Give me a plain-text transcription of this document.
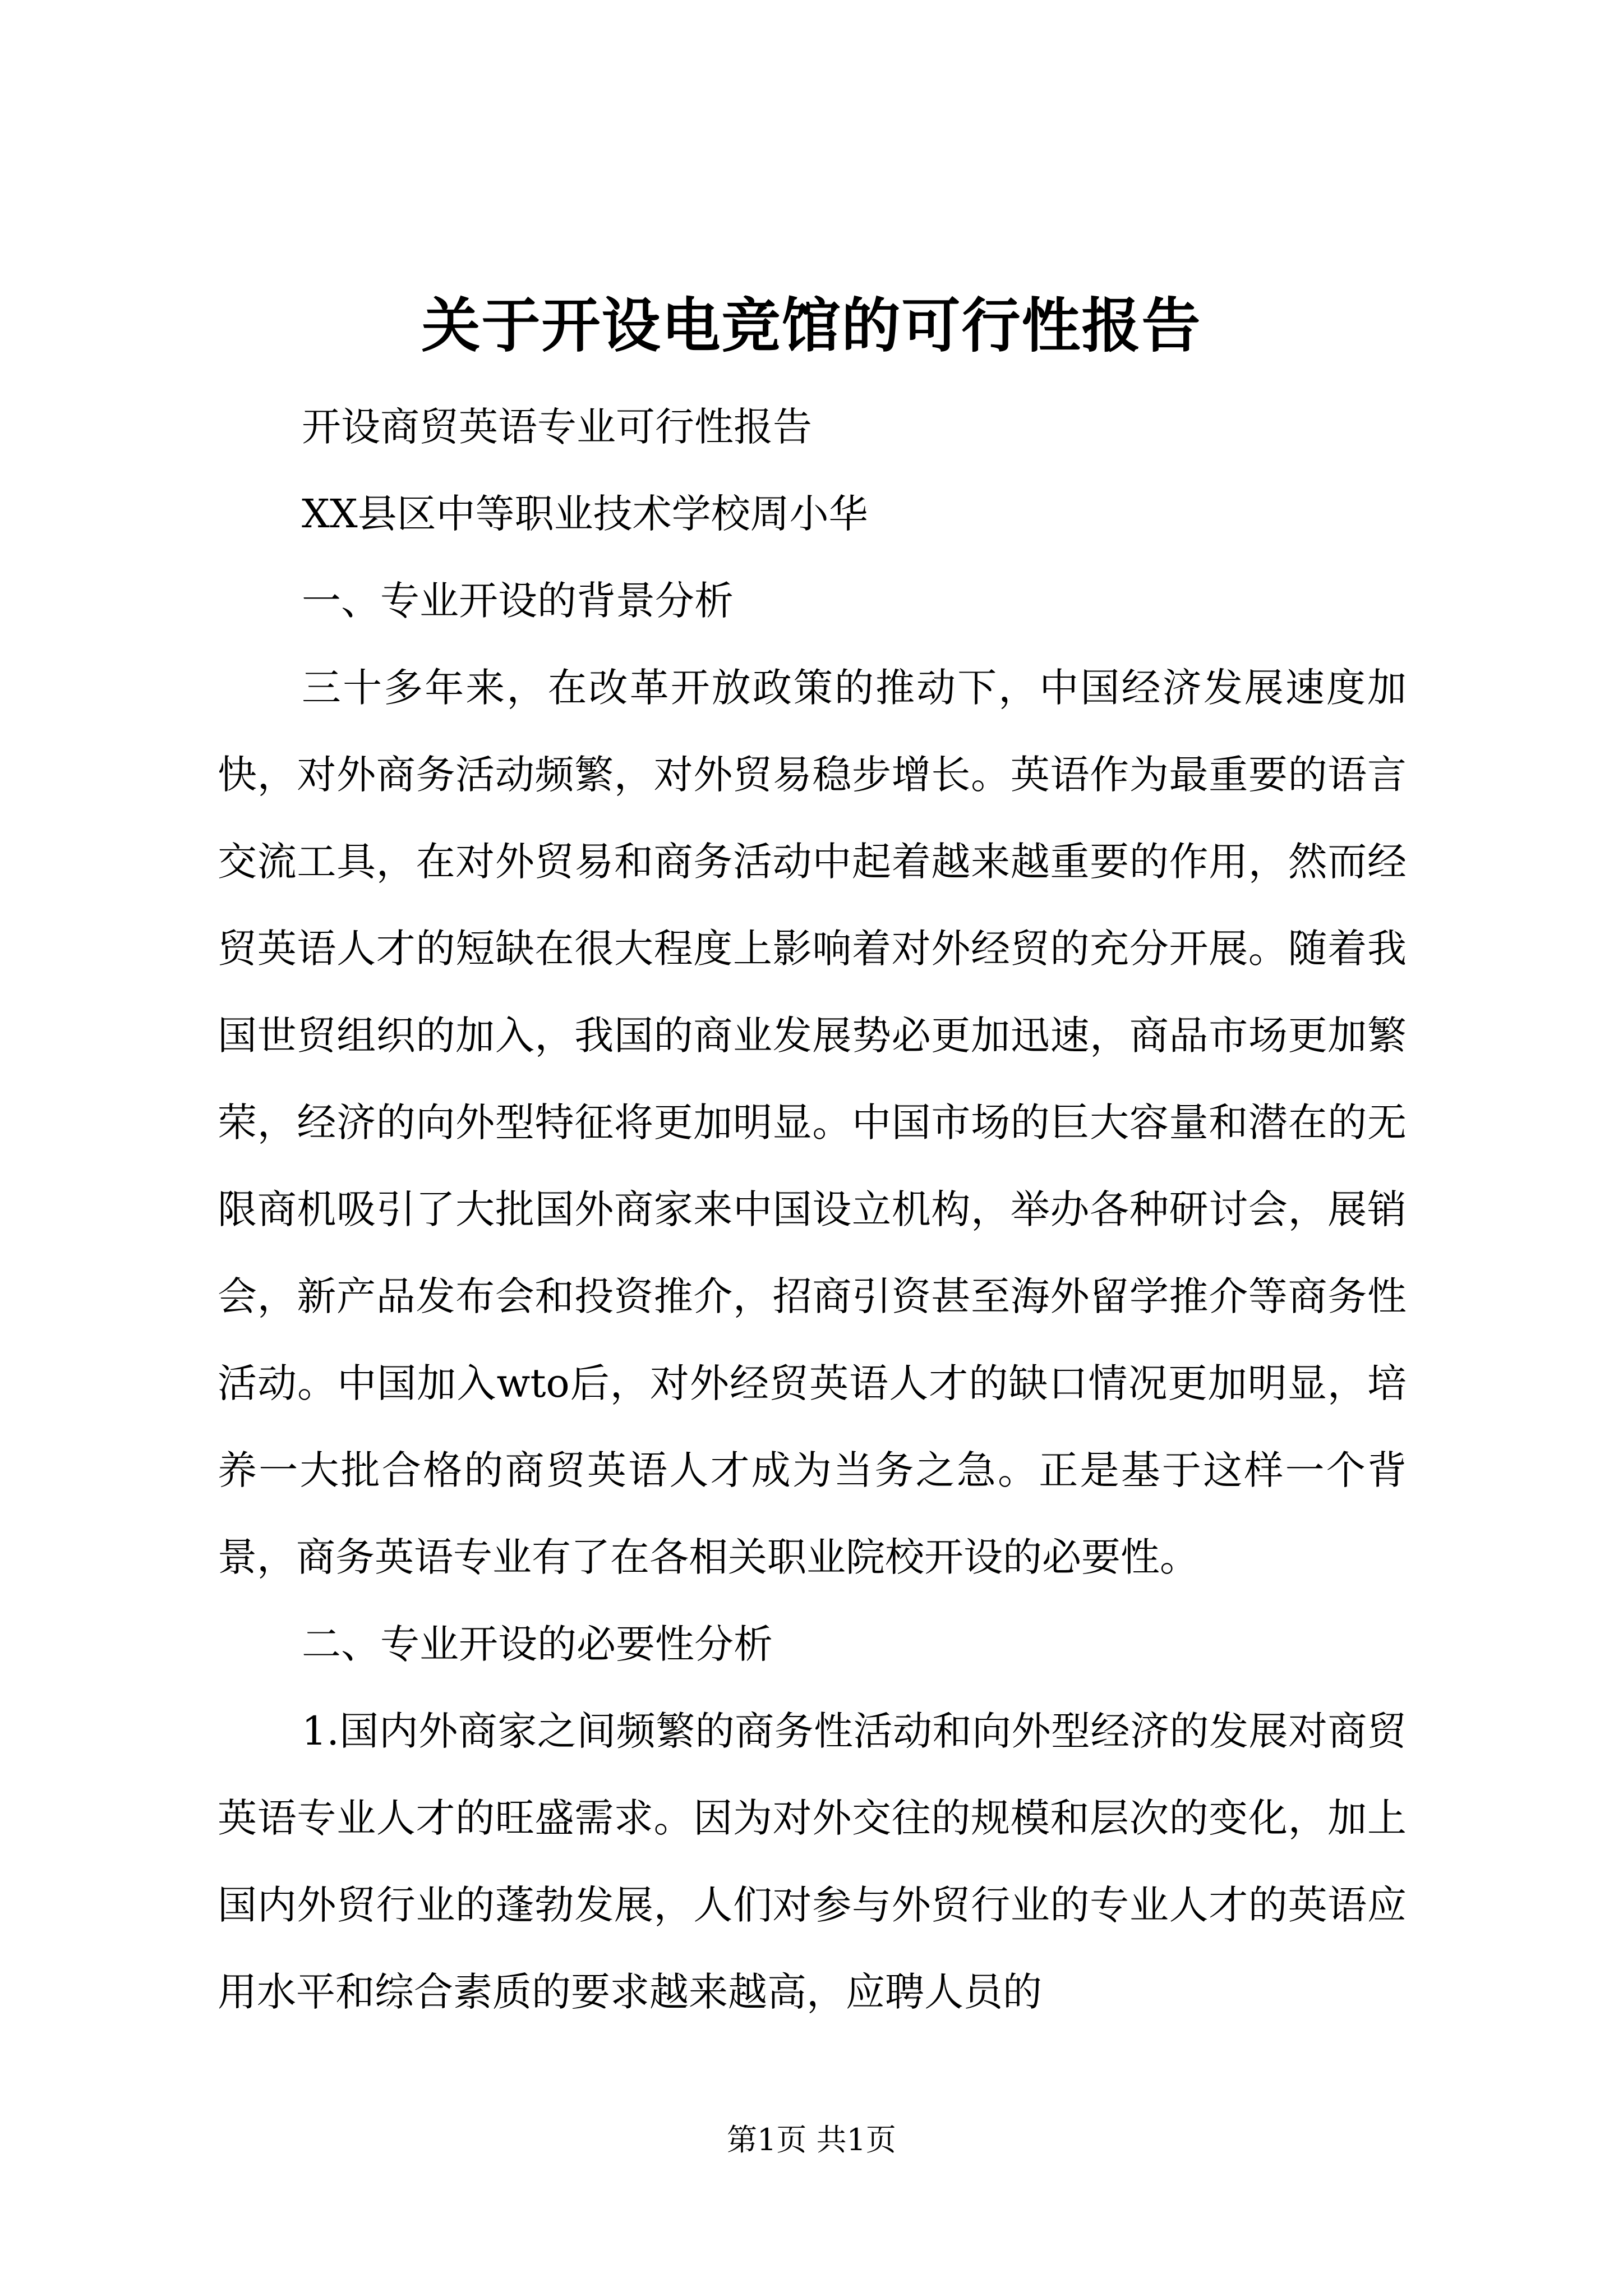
关于开设电竞馆的可行性报告

开设商贸英语专业可行性报告

XX县区中等职业技术学校周小华

一、专业开设的背景分析

三十多年来，在改革开放政策的推动下，中国经济发展速度加快，对外商务活动频繁，对外贸易稳步增长。英语作为最重要的语言交流工具，在对外贸易和商务活动中起着越来越重要的作用，然而经贸英语人才的短缺在很大程度上影响着对外经贸的充分开展。随着我国世贸组织的加入，我国的商业发展势必更加迅速，商品市场更加繁荣，经济的向外型特征将更加明显。中国市场的巨大容量和潜在的无限商机吸引了大批国外商家来中国设立机构，举办各种研讨会，展销会，新产品发布会和投资推介，招商引资甚至海外留学推介等商务性活动。中国加入wto后，对外经贸英语人才的缺口情况更加明显，培养一大批合格的商贸英语人才成为当务之急。正是基于这样一个背景，商务英语专业有了在各相关职业院校开设的必要性。

二、专业开设的必要性分析

1.国内外商家之间频繁的商务性活动和向外型经济的发展对商贸英语专业人才的旺盛需求。因为对外交往的规模和层次的变化，加上国内外贸行业的蓬勃发展，人们对参与外贸行业的专业人才的英语应用水平和综合素质的要求越来越高，应聘人员的

第1页 共1页
